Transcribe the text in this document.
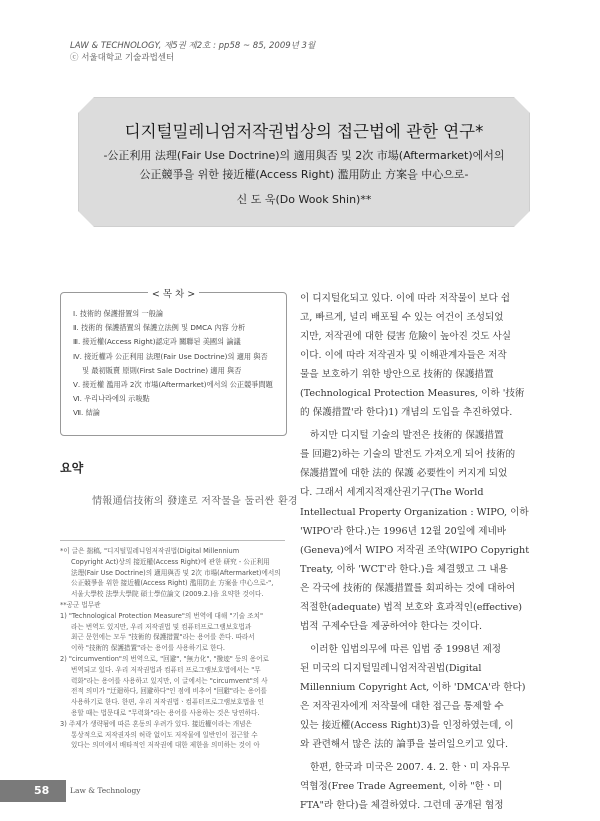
LAW & TECHNOLOGY, 제5권 제2호 : pp58 ~ 85, 2009년 3월
ⓒ 서울대학교 기술과법센터
디지털밀레니엄저작권법상의 접근법에 관한 연구*
-公正利用 法理(Fair Use Doctrine)의 適用與否 및 2次 市場(Aftermarket)에서의
公正競爭을 위한 接近權(Access Right) 濫用防止 方案을 中心으로-
신 도 욱(Do Wook Shin)**
< 목 차 >
Ⅰ. 技術的 保護措置의 一般論
Ⅱ. 技術的 保護措置의 保護立法例 및 DMCA 內容 分析
Ⅲ. 接近權(Access Right)認定과 關聯된 美國의 論議
Ⅳ. 接近權과 公正利用 法理(Fair Use Doctrine)의 適用 與否
및 最初販賣 原則(First Sale Doctrine) 適用 與否
Ⅴ. 接近權 濫用과 2次 市場(Aftermarket)에서의 公正競爭問題
Ⅵ. 우리나라에의 示唆點
Ⅶ. 結論
요약
情報通信技術의 發達로 저작물을 둘러싼 환경

*이 글은 拙稿, "디지털밀레니엄저작권법(Digital Millennium

Copyright Act)상의 接近權(Access Right)에 관한 研究 - 公正利用

法理(Fair Use Doctrine)의 適用與否 및 2次 市場(Aftermarket)에서의

公正競爭을 위한 接近權(Access Right) 濫用防止 方案을 中心으로-",

서울大學校 法學大學院 碩士學位論文 (2009.2.)을 요약한 것이다.

**공군 법무관

1) "Technological Protection Measure"의 번역에 대해 "기술 조치"

라는 번역도 있지만, 우리 저작권법 및 컴퓨터프로그램보호법과

최근 문헌에는 모두 "技術的 保護措置"라는 용어를 쓴다. 따라서

이하 "技術的 保護措置"라는 용어를 사용하기로 한다.

2) "circumvention"의 번역으로, "回避", "無力化", "撥迹" 등의 용어로

번역되고 있다. 우리 저작권법과 컴퓨터 프로그램보호법에서는 "무

력화"라는 용어를 사용하고 있지만, 이 글에서는 "circumvent"의 사

전적 의미가 "迂廻하다, 回避하다"인 점에 비추어 "回避"라는 용어를

사용하기로 한다. 한편, 우리 저작권법ㆍ컴퓨터프로그램보호법을 인

용할 때는 법문대로 "무력화"라는 용어를 사용하는 것은 당연하다.

3) 주제가 생략됨에 따른 혼동의 우려가 있다. 接近權이라는 개념은

통상적으로 저작권자의 허락 없이도 저작물에 일반인이 접근할 수

있다는 의미에서 배타적인 저작권에 대한 제한을 의미하는 것이 아

이 디지털化되고 있다. 이에 따라 저작물이 보다 쉽

고, 빠르게, 널리 배포될 수 있는 여건이 조성되었

지만, 저작권에 대한 侵害 危險이 높아진 것도 사실

이다. 이에 따라 저작권자 및 이해관계자들은 저작

물을 보호하기 위한 방안으로 技術的 保護措置

(Technological Protection Measures, 이하 '技術

的 保護措置'라 한다)1) 개념의 도입을 추진하였다.

하지만 디지털 기술의 발전은 技術的 保護措置

를 回避2)하는 기술의 발전도 가져오게 되어 技術的

保護措置에 대한 法的 保護 必要性이 커지게 되었

다. 그래서 세계지적재산권기구(The World

Intellectual Property Organization : WIPO, 이하

'WIPO'라 한다.)는 1996년 12월 20일에 제네바

(Geneva)에서 WIPO 저작권 조약(WIPO Copyright

Treaty, 이하 'WCT'라 한다.)을 체결했고 그 내용

은 각국에 技術的 保護措置를 회피하는 것에 대하여

적절한(adequate) 법적 보호와 효과적인(effective)

법적 구제수단을 제공하여야 한다는 것이다.

이러한 입법의무에 따른 입법 중 1998년 제정

된 미국의 디지털밀레니엄저작권법(Digital

Millennium Copyright Act, 이하 'DMCA'라 한다)

은 저작권자에게 저작물에 대한 접근을 통제할 수

있는 接近權(Access Right)3)을 인정하였는데, 이

와 관련해서 많은 法的 論爭을 불러일으키고 있다.

한편, 한국과 미국은 2007. 4. 2. 한ㆍ미 자유무

역협정(Free Trade Agreement, 이하 "한ㆍ미

FTA"라 한다)을 체결하였다. 그런데 공개된 협정

58	Law & Technology
